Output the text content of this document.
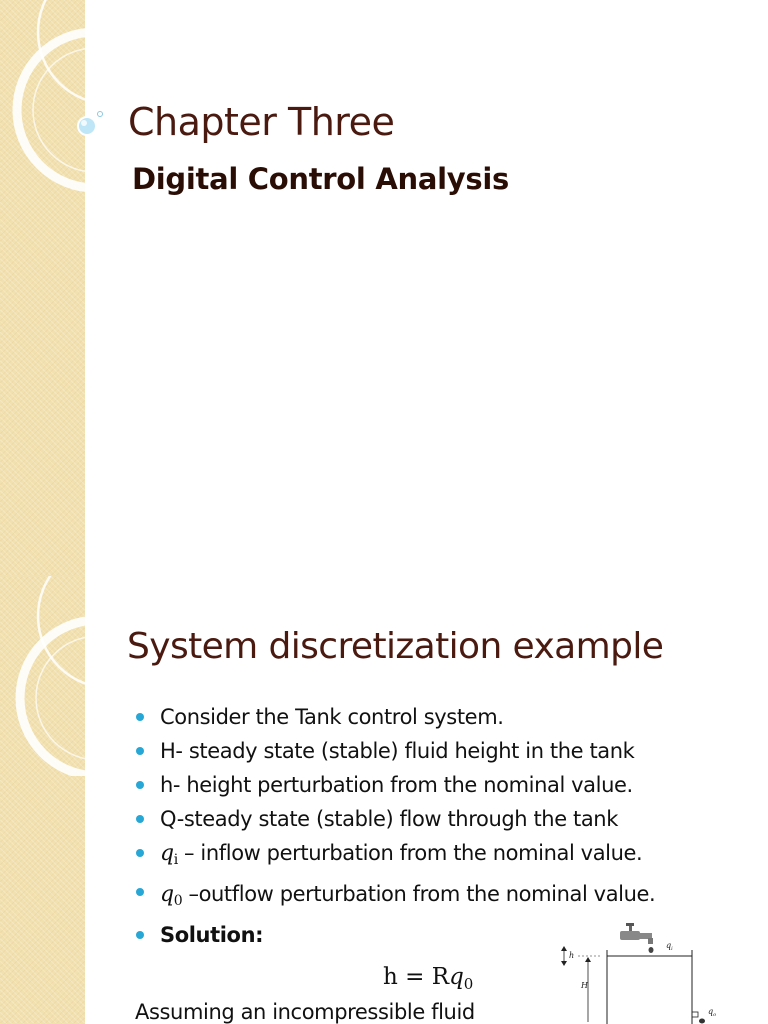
Chapter Three
Digital Control Analysis
System discretization example
Consider the Tank control system.
H- steady state (stable) fluid height in the tank
h- height perturbation from the nominal value.
Q-steady state (stable) flow through the tank
qi – inflow perturbation from the nominal value.
q0 –outflow perturbation from the nominal value.
Solution:
$h = Rq_0$
Assuming an incompressible fluid
$q_i$
$q_o$
h
H
